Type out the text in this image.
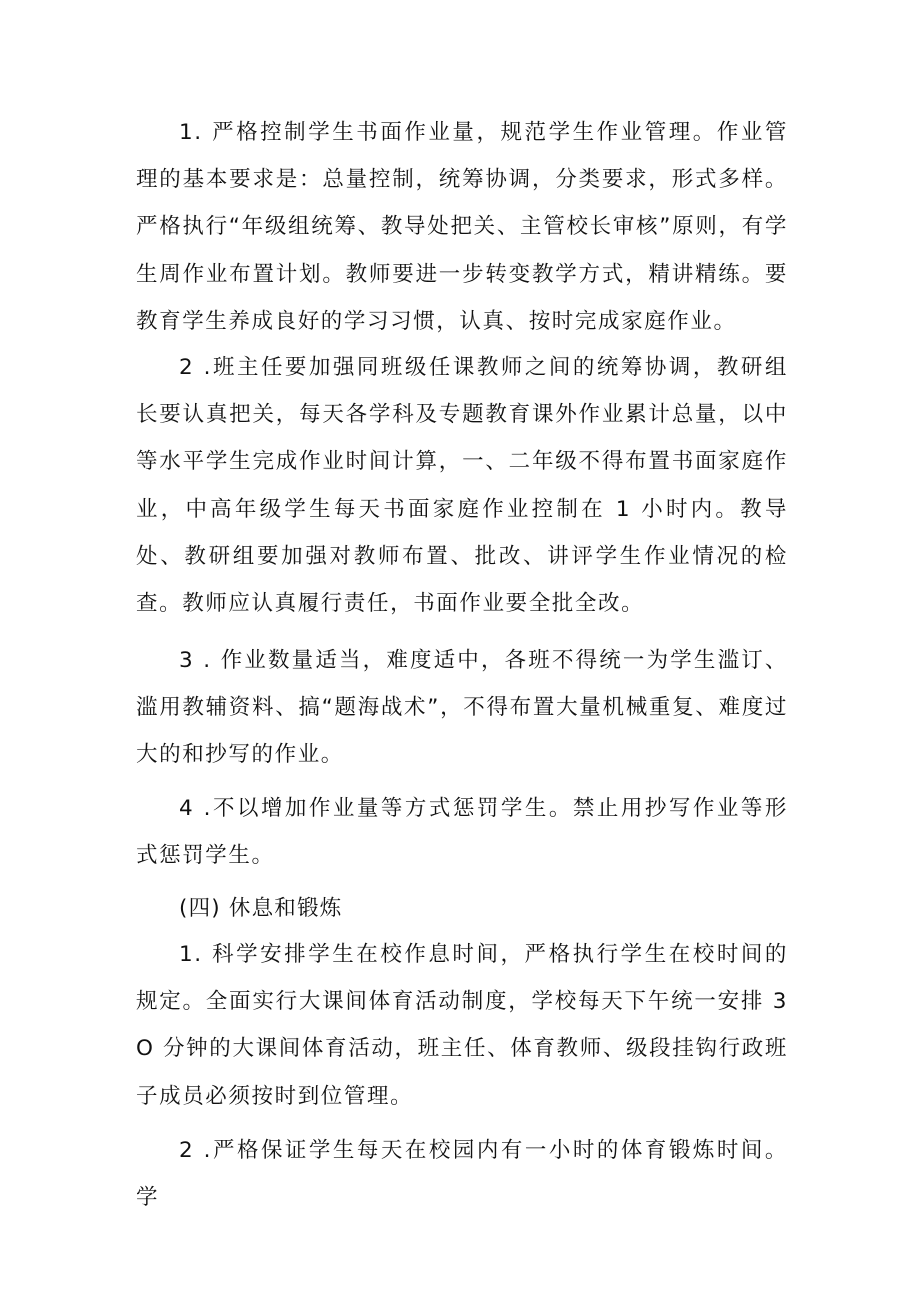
1. 严格控制学生书面作业量，规范学生作业管理。作业管理的基本要求是：总量控制，统筹协调，分类要求，形式多样。严格执行“年级组统筹、教导处把关、主管校长审核”原则，有学生周作业布置计划。教师要进一步转变教学方式，精讲精练。要教育学生养成良好的学习习惯，认真、按时完成家庭作业。

2 .班主任要加强同班级任课教师之间的统筹协调，教研组长要认真把关，每天各学科及专题教育课外作业累计总量，以中等水平学生完成作业时间计算，一、二年级不得布置书面家庭作业，中高年级学生每天书面家庭作业控制在 1 小时内。教导处、教研组要加强对教师布置、批改、讲评学生作业情况的检查。教师应认真履行责任，书面作业要全批全改。

3 . 作业数量适当，难度适中，各班不得统一为学生滥订、滥用教辅资料、搞“题海战术”，不得布置大量机械重复、难度过大的和抄写的作业。

4 .不以增加作业量等方式惩罚学生。禁止用抄写作业等形式惩罚学生。

(四) 休息和锻炼

1. 科学安排学生在校作息时间，严格执行学生在校时间的规定。全面实行大课间体育活动制度，学校每天下午统一安排 3O 分钟的大课间体育活动，班主任、体育教师、级段挂钩行政班子成员必须按时到位管理。

2 .严格保证学生每天在校园内有一小时的体育锻炼时间。学
